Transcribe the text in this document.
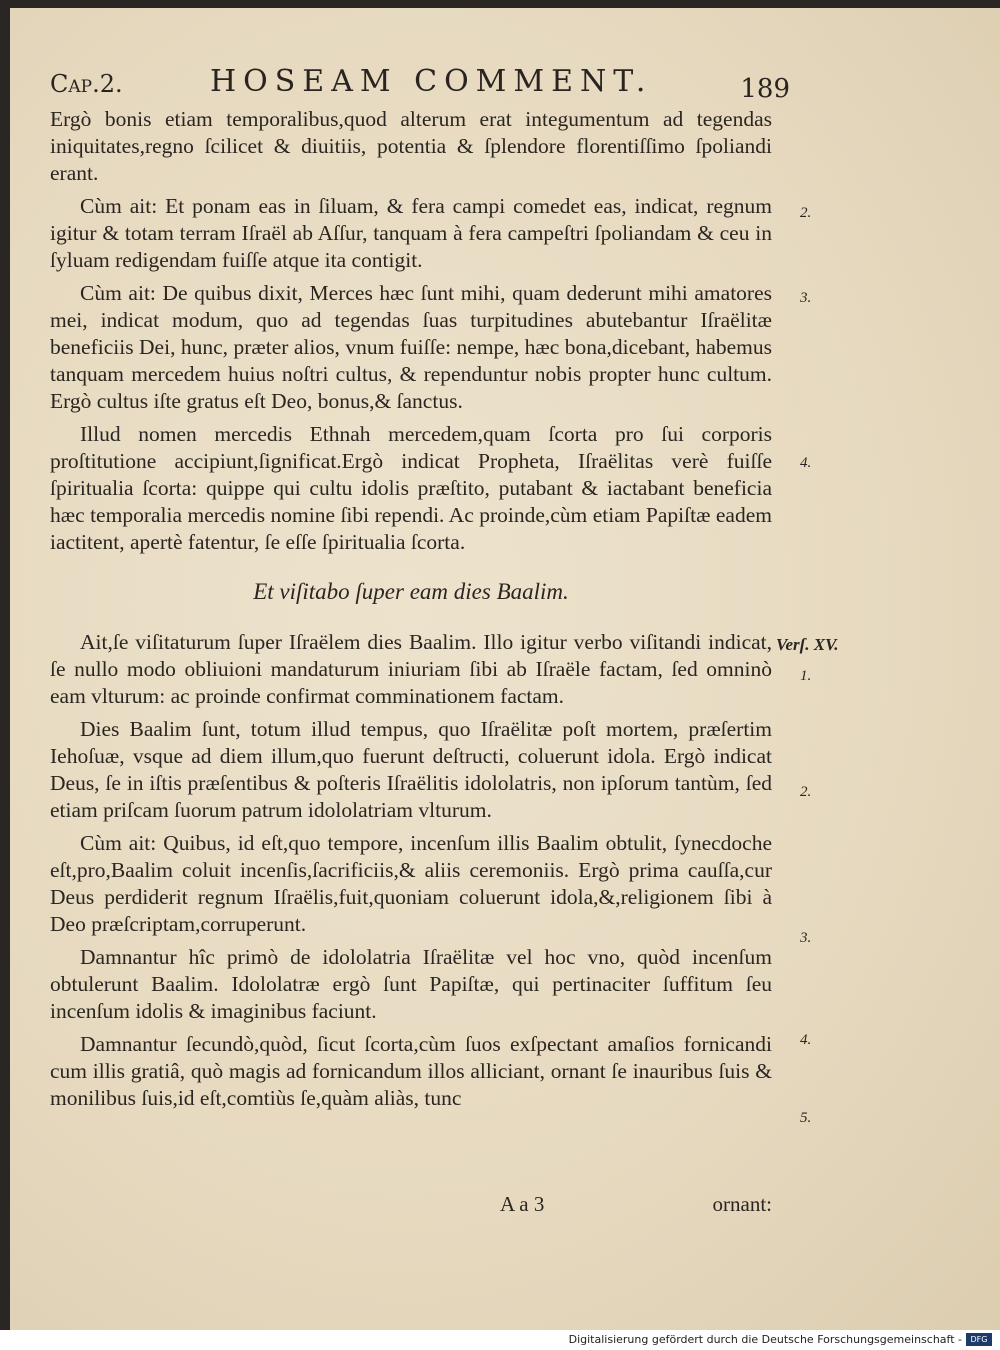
Cap.2.	HOSEAM COMMENT.	189

Ergò bonis etiam temporalibus,quod alterum erat integumentum ad tegendas iniquitates,regno ſcilicet & diuitiis, potentia & ſplendore florentiſſimo ſpoliandi erant.

Cùm ait: Et ponam eas in ſiluam, & fera campi comedet eas, indicat, regnum igitur & totam terram Iſraël ab Aſſur, tanquam à fera campeſtri ſpoliandam & ceu in ſyluam redigendam fuiſſe atque ita contigit.

Cùm ait: De quibus dixit, Merces hæc ſunt mihi, quam dederunt mihi amatores mei, indicat modum, quo ad tegendas ſuas turpitudines abutebantur Iſraëlitæ beneficiis Dei, hunc, præter alios, vnum fuiſſe: nempe, hæc bona,dicebant, habemus tanquam mercedem huius noſtri cultus, & rependuntur nobis propter hunc cultum. Ergò cultus iſte gratus eſt Deo, bonus,& ſanctus.

Illud nomen mercedis Ethnah mercedem,quam ſcorta pro ſui corporis proſtitutione accipiunt,ſignificat.Ergò indicat Propheta, Iſraëlitas verè fuiſſe ſpiritualia ſcorta: quippe qui cultu idolis præſtito, putabant & iactabant beneficia hæc temporalia mercedis nomine ſibi rependi. Ac proinde,cùm etiam Papiſtæ eadem iactitent, apertè fatentur, ſe eſſe ſpiritualia ſcorta.

Et viſitabo ſuper eam dies Baalim.

Ait,ſe viſitaturum ſuper Iſraëlem dies Baalim. Illo igitur verbo viſitandi indicat, ſe nullo modo obliuioni mandaturum iniuriam ſibi ab Iſraële factam, ſed omninò eam vlturum: ac proinde confirmat comminationem factam.

Dies Baalim ſunt, totum illud tempus, quo Iſraëlitæ poſt mortem, præſertim Iehoſuæ, vsque ad diem illum,quo fuerunt deſtructi, coluerunt idola. Ergò indicat Deus, ſe in iſtis præſentibus & poſteris Iſraëlitis idololatris, non ipſorum tantùm, ſed etiam priſcam ſuorum patrum idololatriam vlturum.

Cùm ait: Quibus, id eſt,quo tempore, incenſum illis Baalim obtulit, ſynecdoche eſt,pro,Baalim coluit incenſis,ſacrificiis,& aliis ceremoniis. Ergò prima cauſſa,cur Deus perdiderit regnum Iſraëlis,fuit,quoniam coluerunt idola,&,religionem ſibi à Deo præſcriptam,corruperunt.

Damnantur hîc primò de idololatria Iſraëlitæ vel hoc vno, quòd incenſum obtulerunt Baalim. Idololatræ ergò ſunt Papiſtæ, qui pertinaciter ſuffitum ſeu incenſum idolis & imaginibus faciunt.

Damnantur ſecundò,quòd, ſicut ſcorta,cùm ſuos exſpectant amaſios fornicandi cum illis gratiâ, quò magis ad fornicandum illos alliciant, ornant ſe inauribus ſuis & monilibus ſuis,id eſt,comtiùs ſe,quàm aliàs, tunc

2.
3.
4.
Verſ. XV.
1.
2.
3.
4.
5.
A a 3	ornant:
Digitalisierung gefördert durch die Deutsche Forschungsgemeinschaft -	DFG
